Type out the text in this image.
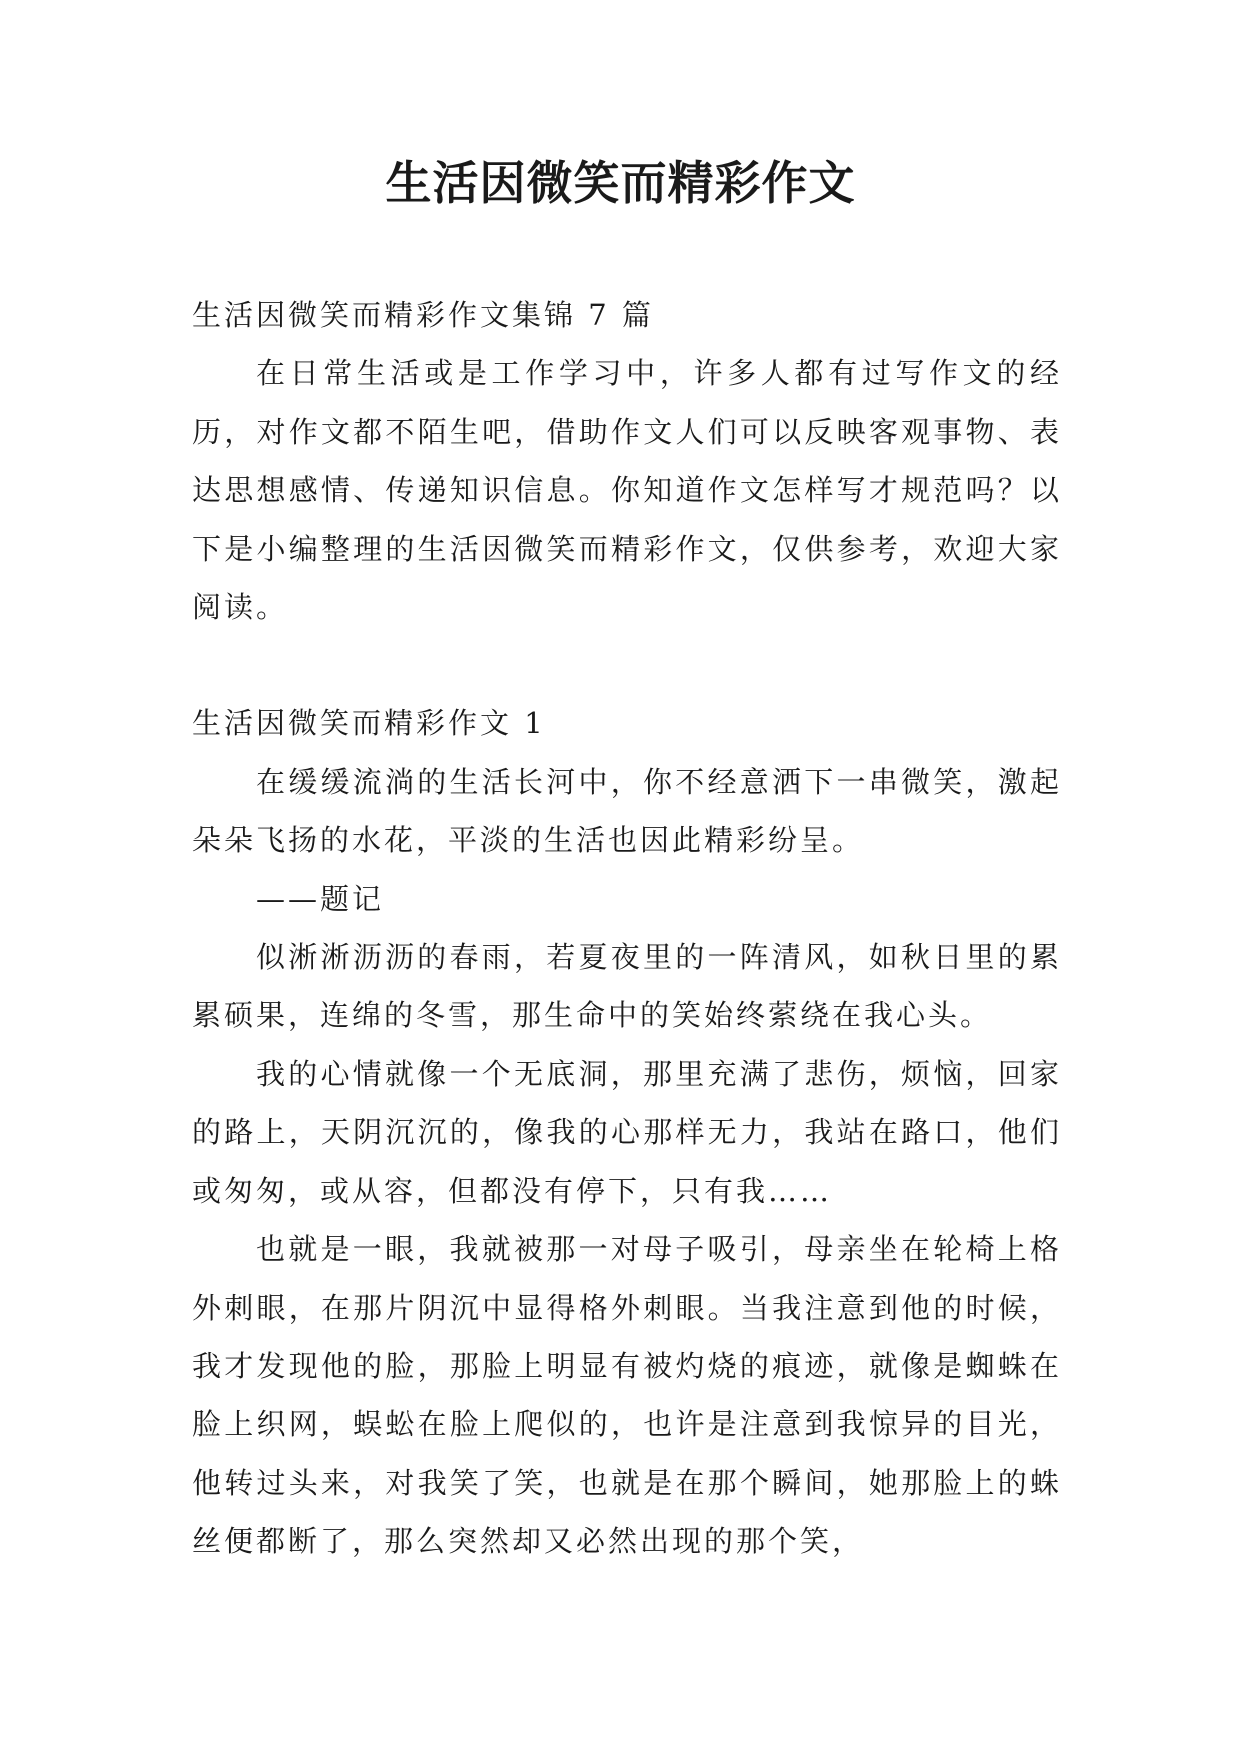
生活因微笑而精彩作文

生活因微笑而精彩作文集锦 7 篇

在日常生活或是工作学习中，许多人都有过写作文的经历，对作文都不陌生吧，借助作文人们可以反映客观事物、表达思想感情、传递知识信息。你知道作文怎样写才规范吗？以下是小编整理的生活因微笑而精彩作文，仅供参考，欢迎大家阅读。

生活因微笑而精彩作文 1

在缓缓流淌的生活长河中，你不经意洒下一串微笑，激起朵朵飞扬的水花，平淡的生活也因此精彩纷呈。

——题记

似淅淅沥沥的春雨，若夏夜里的一阵清风，如秋日里的累累硕果，连绵的冬雪，那生命中的笑始终萦绕在我心头。

我的心情就像一个无底洞，那里充满了悲伤，烦恼，回家的路上，天阴沉沉的，像我的心那样无力，我站在路口，他们或匆匆，或从容，但都没有停下，只有我……

也就是一眼，我就被那一对母子吸引，母亲坐在轮椅上格外刺眼，在那片阴沉中显得格外刺眼。当我注意到他的时候，我才发现他的脸，那脸上明显有被灼烧的痕迹，就像是蜘蛛在脸上织网，蜈蚣在脸上爬似的，也许是注意到我惊异的目光，他转过头来，对我笑了笑，也就是在那个瞬间，她那脸上的蛛丝便都断了，那么突然却又必然出现的那个笑，
